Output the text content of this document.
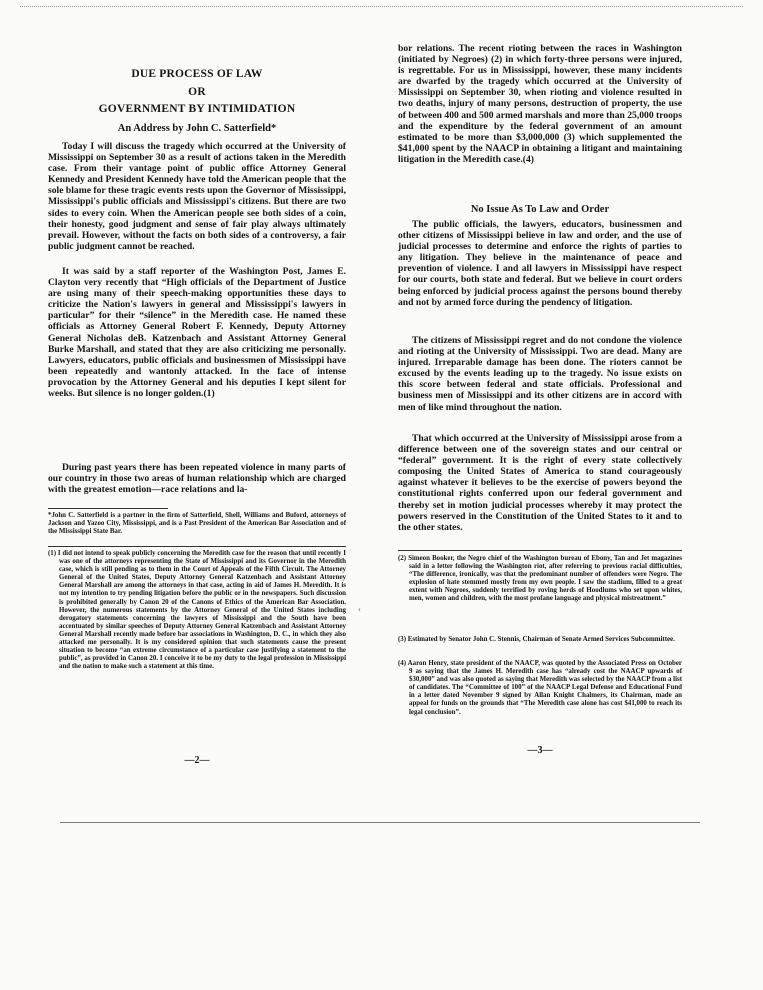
DUE PROCESS OF LAW
OR
GOVERNMENT BY INTIMIDATION
An Address by John C. Satterfield*

Today I will discuss the tragedy which occurred at the University of Mississippi on September 30 as a result of actions taken in the Meredith case. From their vantage point of public office Attorney General Kennedy and President Kennedy have told the American people that the sole blame for these tragic events rests upon the Governor of Mississippi, Mississippi's public officials and Mississippi's citizens. But there are two sides to every coin. When the American people see both sides of a coin, their honesty, good judgment and sense of fair play always ultimately prevail. However, without the facts on both sides of a controversy, a fair public judgment cannot be reached.

It was said by a staff reporter of the Washington Post, James E. Clayton very recently that “High officials of the Department of Justice are using many of their speech-making opportunities these days to criticize the Nation's lawyers in general and Mississippi's lawyers in particular” for their “silence” in the Meredith case. He named these officials as Attorney General Robert F. Kennedy, Deputy Attorney General Nicholas deB. Katzenbach and Assistant Attorney General Burke Marshall, and stated that they are also criticizing me personally. Lawyers, educators, public officials and businessmen of Mississippi have been repeatedly and wantonly attacked. In the face of intense provocation by the Attorney General and his deputies I kept silent for weeks. But silence is no longer golden.(1)

During past years there has been repeated violence in many parts of our country in those two areas of human relationship which are charged with the greatest emotion—race relations and la-

*John C. Satterfield is a partner in the firm of Satterfield, Shell, Williams and Buford, attorneys of Jackson and Yazoo City, Mississippi, and is a Past President of the American Bar Association and of the Mississippi State Bar.

(1) I did not intend to speak publicly concerning the Meredith case for the reason that until recently I was one of the attorneys representing the State of Mississippi and its Governor in the Meredith case, which is still pending as to them in the Court of Appeals of the Fifth Circuit. The Attorney General of the United States, Deputy Attorney General Katzenbach and Assistant Attorney General Marshall are among the attorneys in that case, acting in aid of James H. Meredith. It is not my intention to try pending litigation before the public or in the newspapers. Such discussion is prohibited generally by Canon 20 of the Canons of Ethics of the American Bar Association. However, the numerous statements by the Attorney General of the United States including derogatory statements concerning the lawyers of Mississippi and the South have been accentuated by similar speeches of Deputy Attorney General Katzenbach and Assistant Attorney General Marshall recently made before bar associations in Washington, D. C., in which they also attacked me personally. It is my considered opinion that such statements cause the present situation to become “an extreme circumstance of a particular case justifying a statement to the public”, as provided in Canon 20. I conceive it to be my duty to the legal profession in Mississippi and the nation to make such a statement at this time.

—2—
‹

bor relations. The recent rioting between the races in Washington (initiated by Negroes) (2) in which forty-three persons were injured, is regrettable. For us in Mississippi, however, these many incidents are dwarfed by the tragedy which occurred at the University of Mississippi on September 30, when rioting and violence resulted in two deaths, injury of many persons, destruction of property, the use of between 400 and 500 armed marshals and more than 25,000 troops and the expenditure by the federal government of an amount estimated to be more than $3,000,000 (3) which supplemented the $41,000 spent by the NAACP in obtaining a litigant and maintaining litigation in the Meredith case.(4)

No Issue As To Law and Order

The public officials, the lawyers, educators, businessmen and other citizens of Mississippi believe in law and order, and the use of judicial processes to determine and enforce the rights of parties to any litigation. They believe in the maintenance of peace and prevention of violence. I and all lawyers in Mississippi have respect for our courts, both state and federal. But we believe in court orders being enforced by judicial process against the persons bound thereby and not by armed force during the pendency of litigation.

The citizens of Mississippi regret and do not condone the violence and rioting at the University of Mississippi. Two are dead. Many are injured. Irreparable damage has been done. The rioters cannot be excused by the events leading up to the tragedy. No issue exists on this score between federal and state officials. Professional and business men of Mississippi and its other citizens are in accord with men of like mind throughout the nation.

That which occurred at the University of Mississippi arose from a difference between one of the sovereign states and our central or “federal” government. It is the right of every state collectively composing the United States of America to stand courageously against whatever it believes to be the exercise of powers beyond the constitutional rights conferred upon our federal government and thereby set in motion judicial processes whereby it may protect the powers reserved in the Constitution of the United States to it and to the other states.

(2) Simeon Booker, the Negro chief of the Washington bureau of Ebony, Tan and Jet magazines said in a letter following the Washington riot, after referring to previous racial difficulties, “The difference, ironically, was that the predominant number of offenders were Negro. The explosion of hate stemmed mostly from my own people. I saw the stadium, filled to a great extent with Negroes, suddenly terrified by roving herds of Hoodlums who set upon whites, men, women and children, with the most profane language and physical mistreatment.”

(3) Estimated by Senator John C. Stennis, Chairman of Senate Armed Services Subcommittee.

(4) Aaron Henry, state president of the NAACP, was quoted by the Associated Press on October 9 as saying that the James H. Meredith case has “already cost the NAACP upwards of $30,000” and was also quoted as saying that Meredith was selected by the NAACP from a list of candidates. The “Committee of 100” of the NAACP Legal Defense and Educational Fund in a letter dated November 9 signed by Allan Knight Chalmers, its Chairman, made an appeal for funds on the grounds that “The Meredith case alone has cost $41,000 to reach its legal conclusion”.

—3—
